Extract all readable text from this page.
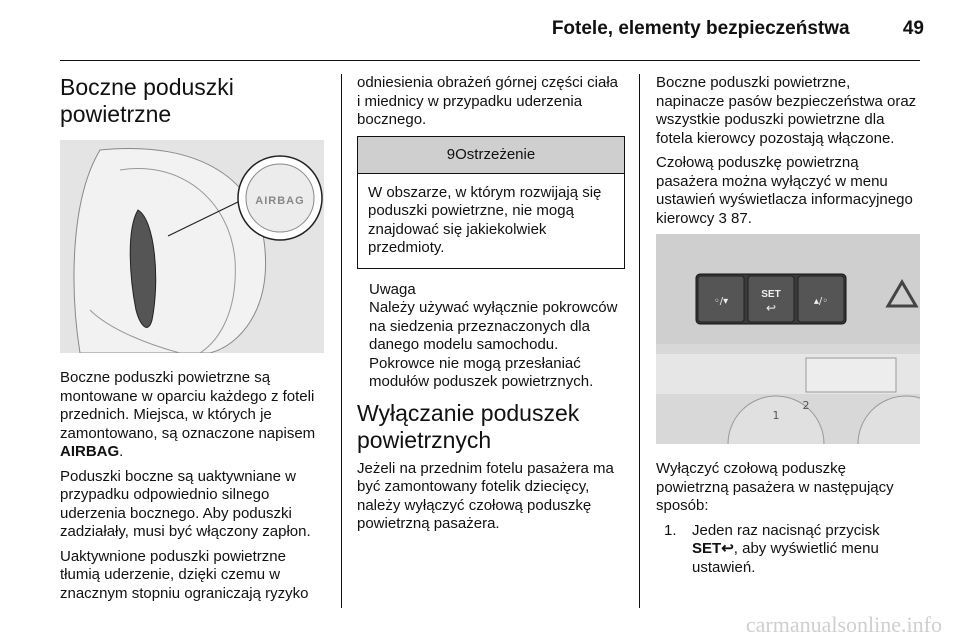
Fotele, elementy bezpieczeństwa	49
Boczne poduszki powietrzne
AIRBAG

Boczne poduszki powietrzne są montowane w oparciu każdego z foteli przednich. Miejsca, w których je zamontowano, są oznaczone napisem AIRBAG.

Poduszki boczne są uaktywniane w przypadku odpowiednio silnego uderzenia bocznego. Aby poduszki zadziałały, musi być włączony zapłon.

Uaktywnione poduszki powietrzne tłumią uderzenie, dzięki czemu w znacznym stopniu ograniczają ryzyko

odniesienia obrażeń górnej części ciała i miednicy w przypadku uderzenia bocznego.

9Ostrzeżenie
W obszarze, w którym rozwijają się poduszki powietrzne, nie mogą znajdować się jakiekolwiek przedmioty.
Uwaga
Należy używać wyłącznie pokrowców na siedzenia przeznaczonych dla danego modelu samochodu. Pokrowce nie mogą przesłaniać modułów poduszek powietrznych.
Wyłączanie poduszek powietrznych

Jeżeli na przednim fotelu pasażera ma być zamontowany fotelik dziecięcy, należy wyłączyć czołową poduszkę powietrzną pasażera.

Boczne poduszki powietrzne, napinacze pasów bezpieczeństwa oraz wszystkie poduszki powietrzne dla fotela kierowcy pozostają włączone.

Czołową poduszkę powietrzną pasażera można wyłączyć w menu ustawień wyświetlacza informacyjnego kierowcy 3 87.

◦/▾	▴/◦
↩
1
2
SET

Wyłączyć czołową poduszkę powietrzną pasażera w następujący sposób:

1. Jeden raz nacisnąć przycisk SET↩, aby wyświetlić menu ustawień.
carmanualsonline.info
